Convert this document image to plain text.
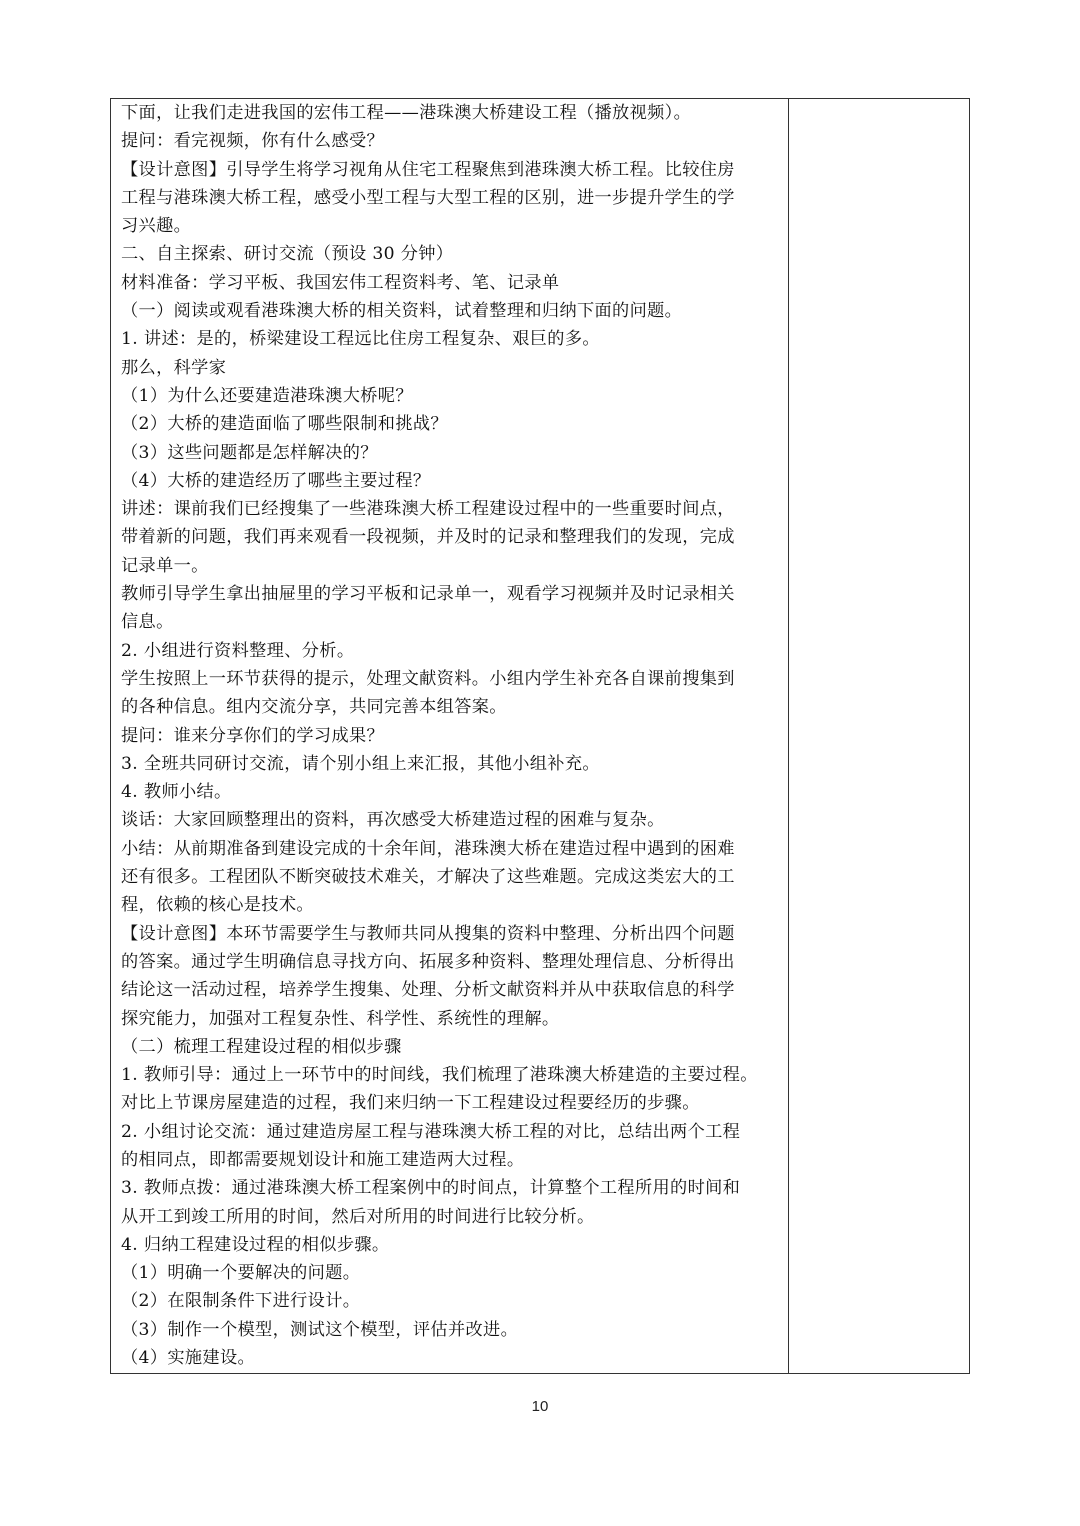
下面，让我们走进我国的宏伟工程——港珠澳大桥建设工程（播放视频）。
提问：看完视频，你有什么感受？
【设计意图】引导学生将学习视角从住宅工程聚焦到港珠澳大桥工程。比较住房
工程与港珠澳大桥工程，感受小型工程与大型工程的区别，进一步提升学生的学
习兴趣。
二、自主探索、研讨交流（预设 30 分钟）
材料准备：学习平板、我国宏伟工程资料考、笔、记录单
（一）阅读或观看港珠澳大桥的相关资料，试着整理和归纳下面的问题。
1. 讲述：是的，桥梁建设工程远比住房工程复杂、艰巨的多。
那么，科学家
（1）为什么还要建造港珠澳大桥呢？
（2）大桥的建造面临了哪些限制和挑战？
（3）这些问题都是怎样解决的？
（4）大桥的建造经历了哪些主要过程？
讲述：课前我们已经搜集了一些港珠澳大桥工程建设过程中的一些重要时间点，
带着新的问题，我们再来观看一段视频，并及时的记录和整理我们的发现，完成
记录单一。
教师引导学生拿出抽屉里的学习平板和记录单一，观看学习视频并及时记录相关
信息。
2. 小组进行资料整理、分析。
学生按照上一环节获得的提示，处理文献资料。小组内学生补充各自课前搜集到
的各种信息。组内交流分享，共同完善本组答案。
提问：谁来分享你们的学习成果？
3. 全班共同研讨交流，请个别小组上来汇报，其他小组补充。
4. 教师小结。
谈话：大家回顾整理出的资料，再次感受大桥建造过程的困难与复杂。
小结：从前期准备到建设完成的十余年间，港珠澳大桥在建造过程中遇到的困难
还有很多。工程团队不断突破技术难关，才解决了这些难题。完成这类宏大的工
程，依赖的核心是技术。
【设计意图】本环节需要学生与教师共同从搜集的资料中整理、分析出四个问题
的答案。通过学生明确信息寻找方向、拓展多种资料、整理处理信息、分析得出
结论这一活动过程，培养学生搜集、处理、分析文献资料并从中获取信息的科学
探究能力，加强对工程复杂性、科学性、系统性的理解。
（二）梳理工程建设过程的相似步骤
1. 教师引导：通过上一环节中的时间线，我们梳理了港珠澳大桥建造的主要过程。
对比上节课房屋建造的过程，我们来归纳一下工程建设过程要经历的步骤。
2. 小组讨论交流：通过建造房屋工程与港珠澳大桥工程的对比，总结出两个工程
的相同点，即都需要规划设计和施工建造两大过程。
3. 教师点拨：通过港珠澳大桥工程案例中的时间点，计算整个工程所用的时间和
从开工到竣工所用的时间，然后对所用的时间进行比较分析。
4. 归纳工程建设过程的相似步骤。
（1）明确一个要解决的问题。
（2）在限制条件下进行设计。
（3）制作一个模型，测试这个模型，评估并改进。
（4）实施建设。
10
